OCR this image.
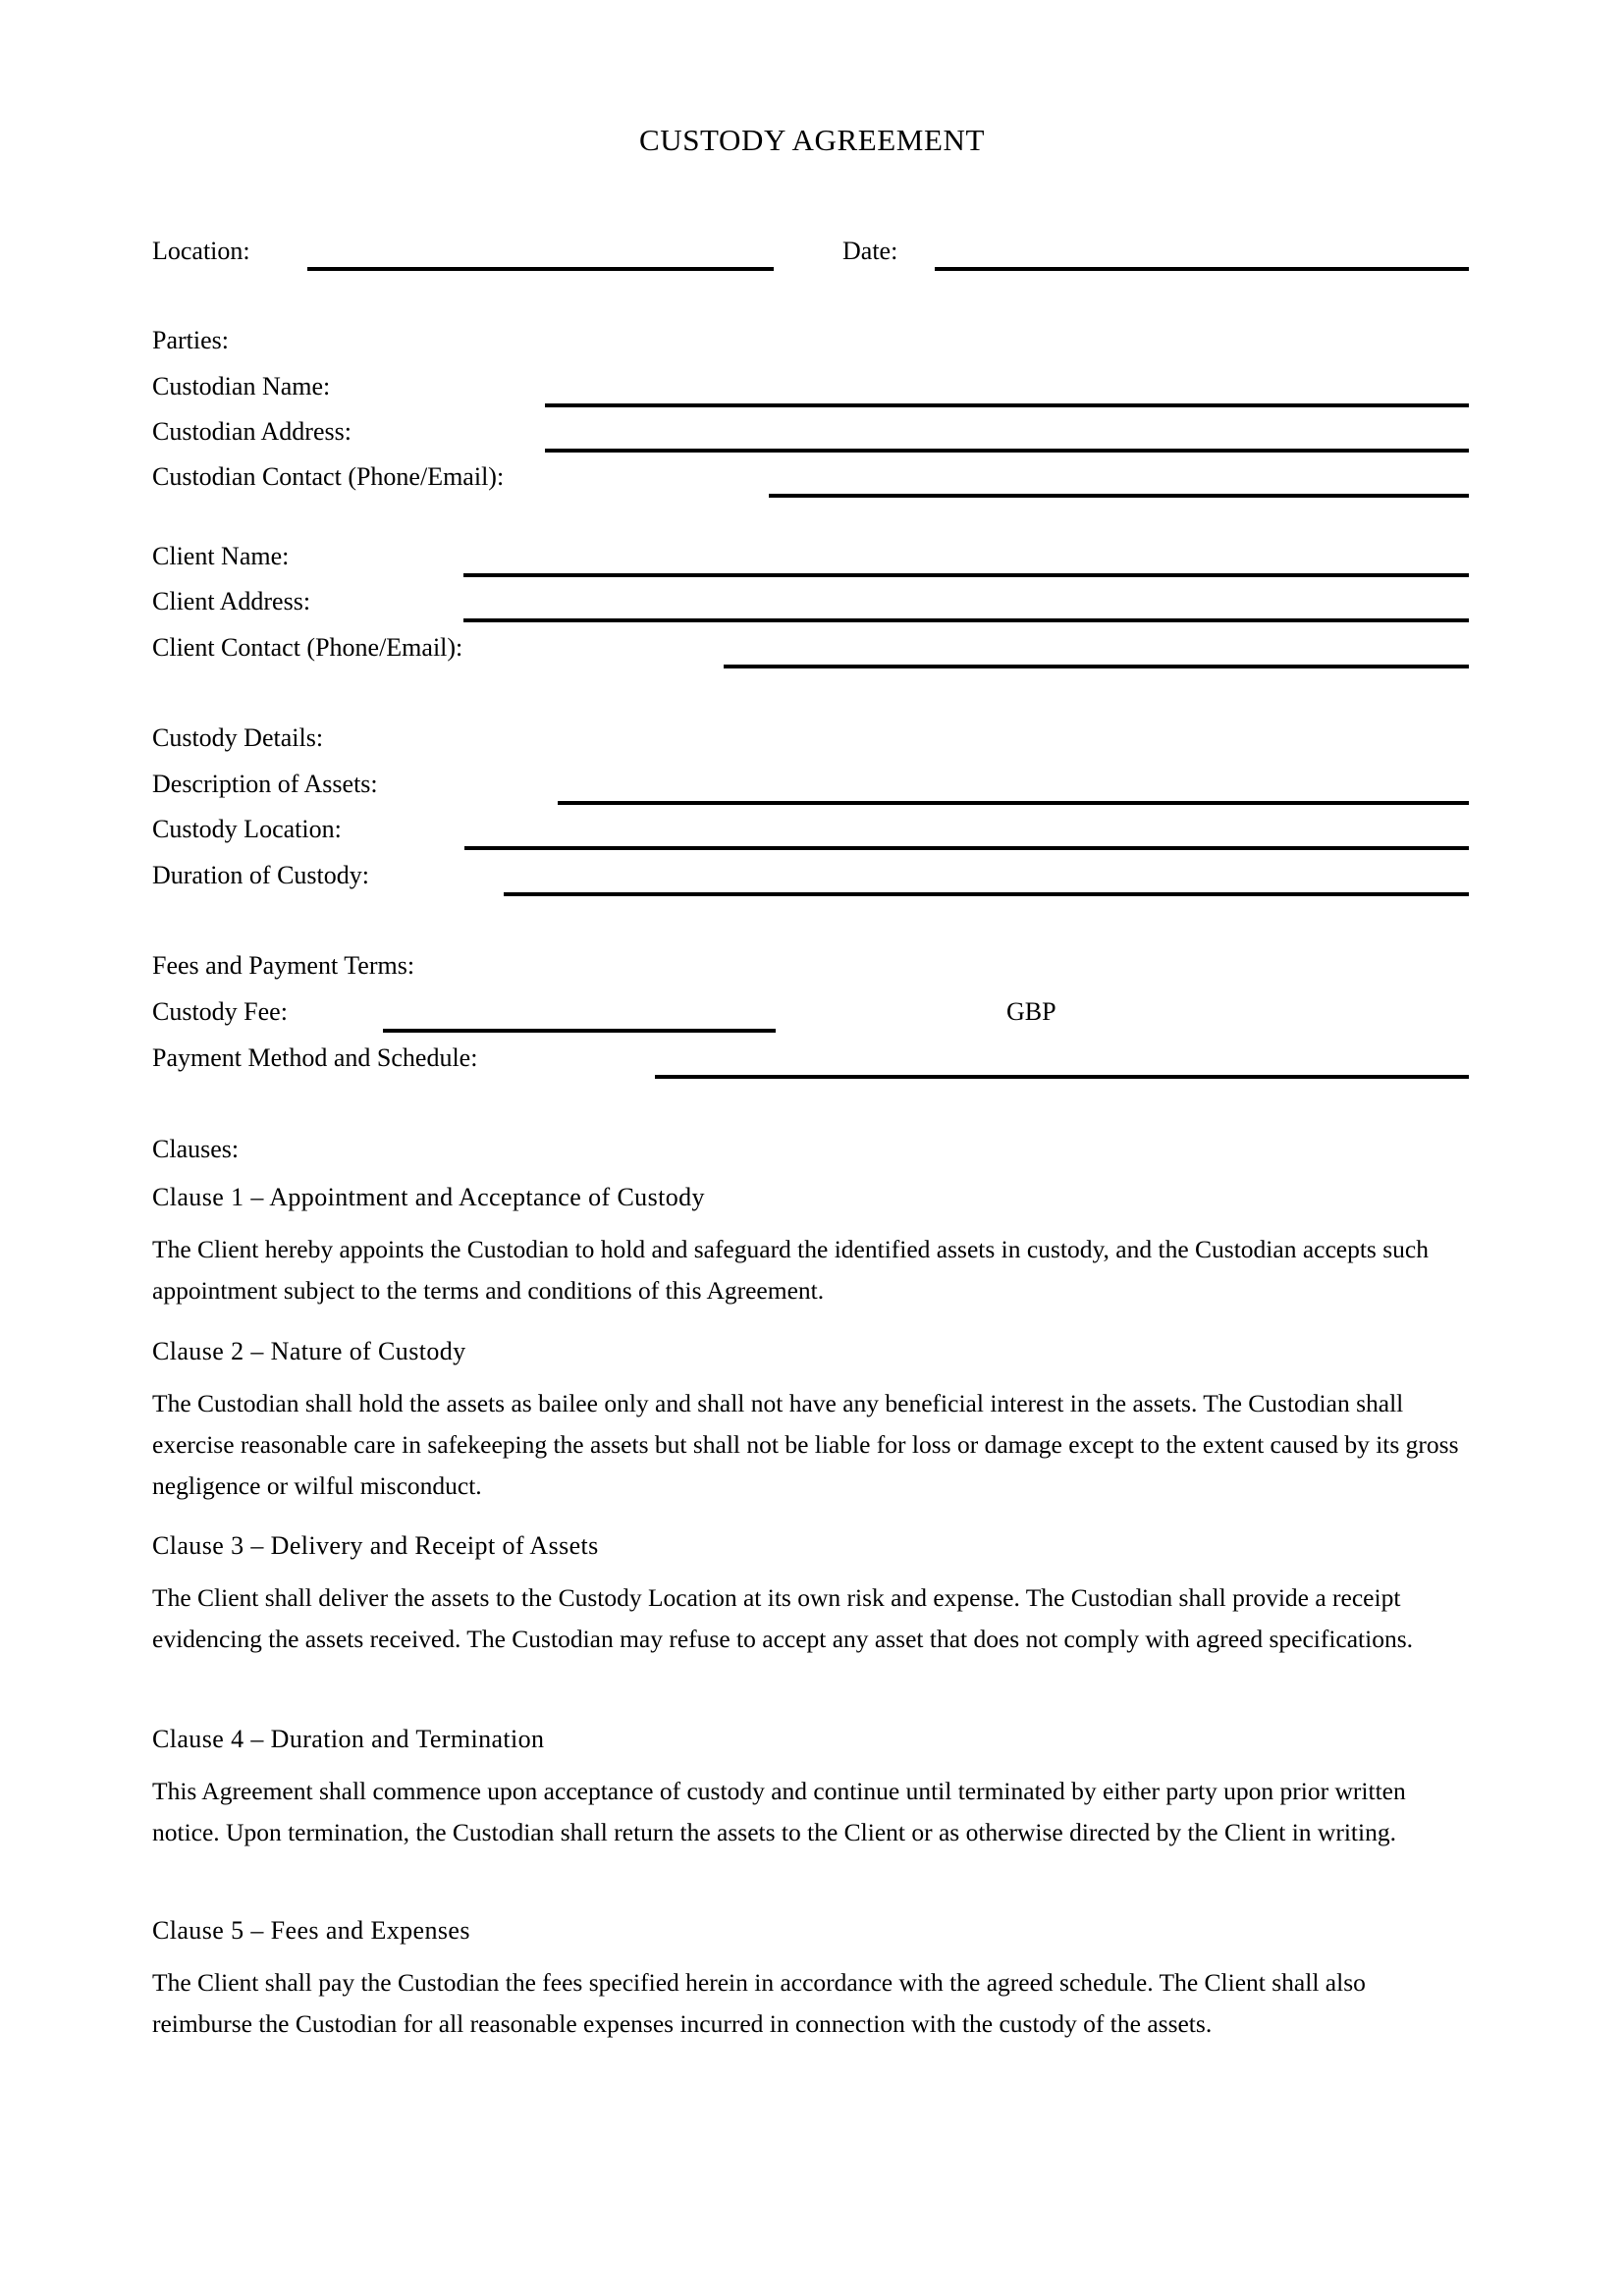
CUSTODY AGREEMENT
Location:	Date:
Parties:
Custodian Name:
Custodian Address:
Custodian Contact (Phone/Email):
Client Name:
Client Address:
Client Contact (Phone/Email):
Custody Details:
Description of Assets:
Custody Location:
Duration of Custody:
Fees and Payment Terms:
Custody Fee:	GBP
Payment Method and Schedule:
Clauses:
Clause 1 – Appointment and Acceptance of Custody
The Client hereby appoints the Custodian to hold and safeguard the identified assets in custody, and the Custodian accepts such appointment subject to the terms and conditions of this Agreement.
Clause 2 – Nature of Custody
The Custodian shall hold the assets as bailee only and shall not have any beneficial interest in the assets. The Custodian shall exercise reasonable care in safekeeping the assets but shall not be liable for loss or damage except to the extent caused by its gross negligence or wilful misconduct.
Clause 3 – Delivery and Receipt of Assets
The Client shall deliver the assets to the Custody Location at its own risk and expense. The Custodian shall provide a receipt evidencing the assets received. The Custodian may refuse to accept any asset that does not comply with agreed specifications.
Clause 4 – Duration and Termination
This Agreement shall commence upon acceptance of custody and continue until terminated by either party upon prior written notice. Upon termination, the Custodian shall return the assets to the Client or as otherwise directed by the Client in writing.
Clause 5 – Fees and Expenses
The Client shall pay the Custodian the fees specified herein in accordance with the agreed schedule. The Client shall also reimburse the Custodian for all reasonable expenses incurred in connection with the custody of the assets.
